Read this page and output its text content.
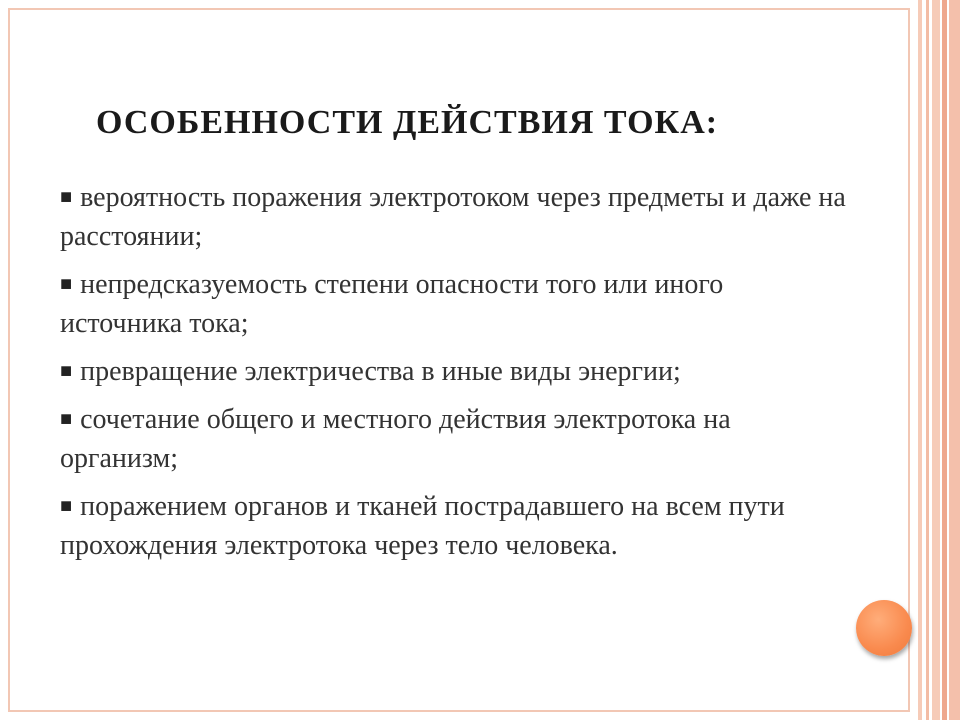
ОСОБЕННОСТИ ДЕЙСТВИЯ ТОКА:
■ вероятность поражения электротоком через предметы и даже на расстоянии;
■ непредсказуемость степени опасности того или иного источника тока;
■ превращение электричества в иные виды энергии;
■ сочетание общего и местного действия электротока на организм;
■ поражением органов и тканей пострадавшего на всем пути прохождения электротока через тело человека.
